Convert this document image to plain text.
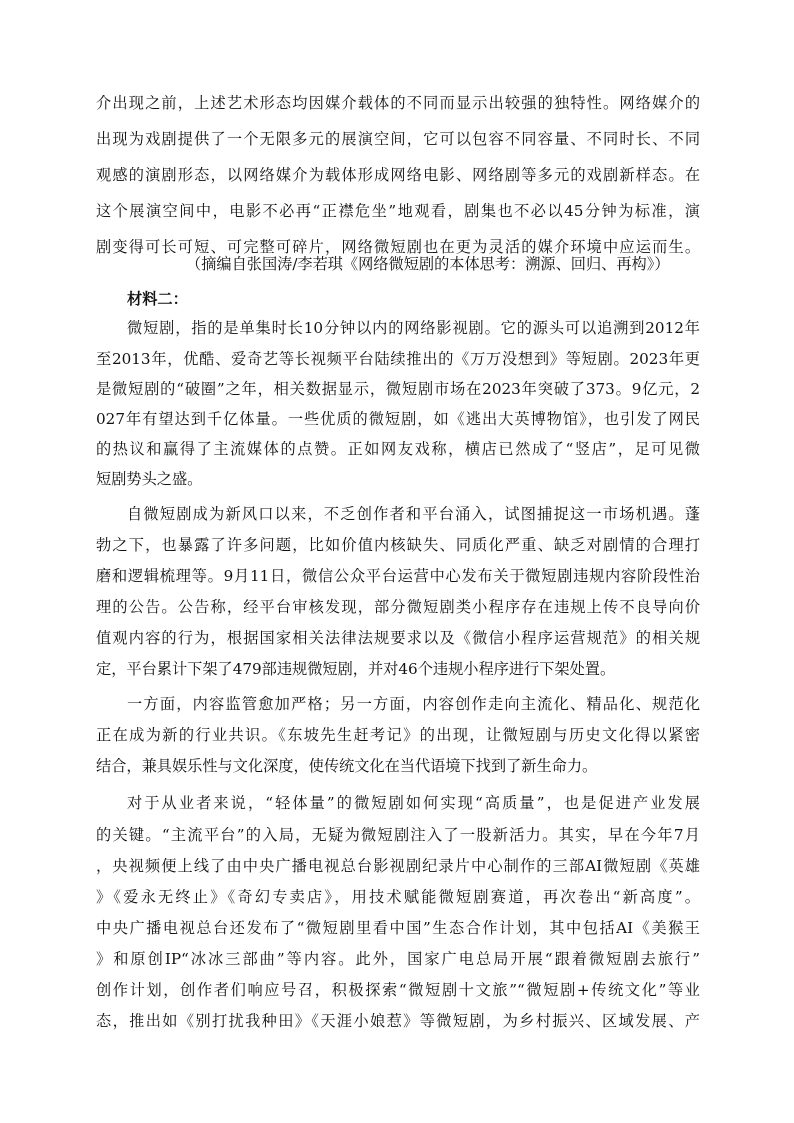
介出现之前，上述艺术形态均因媒介载体的不同而显示出较强的独特性。网络媒介的
出现为戏剧提供了一个无限多元的展演空间，它可以包容不同容量、不同时长、不同
观感的演剧形态，以网络媒介为载体形成网络电影、网络剧等多元的戏剧新样态。在
这个展演空间中，电影不必再“正襟危坐”地观看，剧集也不必以45分钟为标准，演
剧变得可长可短、可完整可碎片，网络微短剧也在更为灵活的媒介环境中应运而生。
（摘编自张国涛/李若琪《网络微短剧的本体思考：溯源、回归、再构》）
材料二：
微短剧，指的是单集时长10分钟以内的网络影视剧。它的源头可以追溯到2012年
至2013年，优酷、爱奇艺等长视频平台陆续推出的《万万没想到》等短剧。2023年更
是微短剧的“破圈”之年，相关数据显示，微短剧市场在2023年突破了373。9亿元，2
027年有望达到千亿体量。一些优质的微短剧，如《逃出大英博物馆》，也引发了网民
的热议和赢得了主流媒体的点赞。正如网友戏称，横店已然成了“竖店”，足可见微
短剧势头之盛。
自微短剧成为新风口以来，不乏创作者和平台涌入，试图捕捉这一市场机遇。蓬
勃之下，也暴露了许多问题，比如价值内核缺失、同质化严重、缺乏对剧情的合理打
磨和逻辑梳理等。9月11日，微信公众平台运营中心发布关于微短剧违规内容阶段性治
理的公告。公告称，经平台审核发现，部分微短剧类小程序存在违规上传不良导向价
值观内容的行为，根据国家相关法律法规要求以及《微信小程序运营规范》的相关规
定，平台累计下架了479部违规微短剧，并对46个违规小程序进行下架处置。
一方面，内容监管愈加严格；另一方面，内容创作走向主流化、精品化、规范化
正在成为新的行业共识。《东坡先生赶考记》的出现，让微短剧与历史文化得以紧密
结合，兼具娱乐性与文化深度，使传统文化在当代语境下找到了新生命力。
对于从业者来说，“轻体量”的微短剧如何实现“高质量”，也是促进产业发展
的关键。“主流平台”的入局，无疑为微短剧注入了一股新活力。其实，早在今年7月
，央视频便上线了由中央广播电视总台影视剧纪录片中心制作的三部AI微短剧《英雄
》《爱永无终止》《奇幻专卖店》，用技术赋能微短剧赛道，再次卷出“新高度”。
中央广播电视总台还发布了“微短剧里看中国”生态合作计划，其中包括AI《美猴王
》和原创IP“冰冰三部曲”等内容。此外，国家广电总局开展“跟着微短剧去旅行”
创作计划，创作者们响应号召，积极探索“微短剧十文旅”“微短剧+传统文化”等业
态，推出如《别打扰我种田》《天涯小娘惹》等微短剧，为乡村振兴、区域发展、产
